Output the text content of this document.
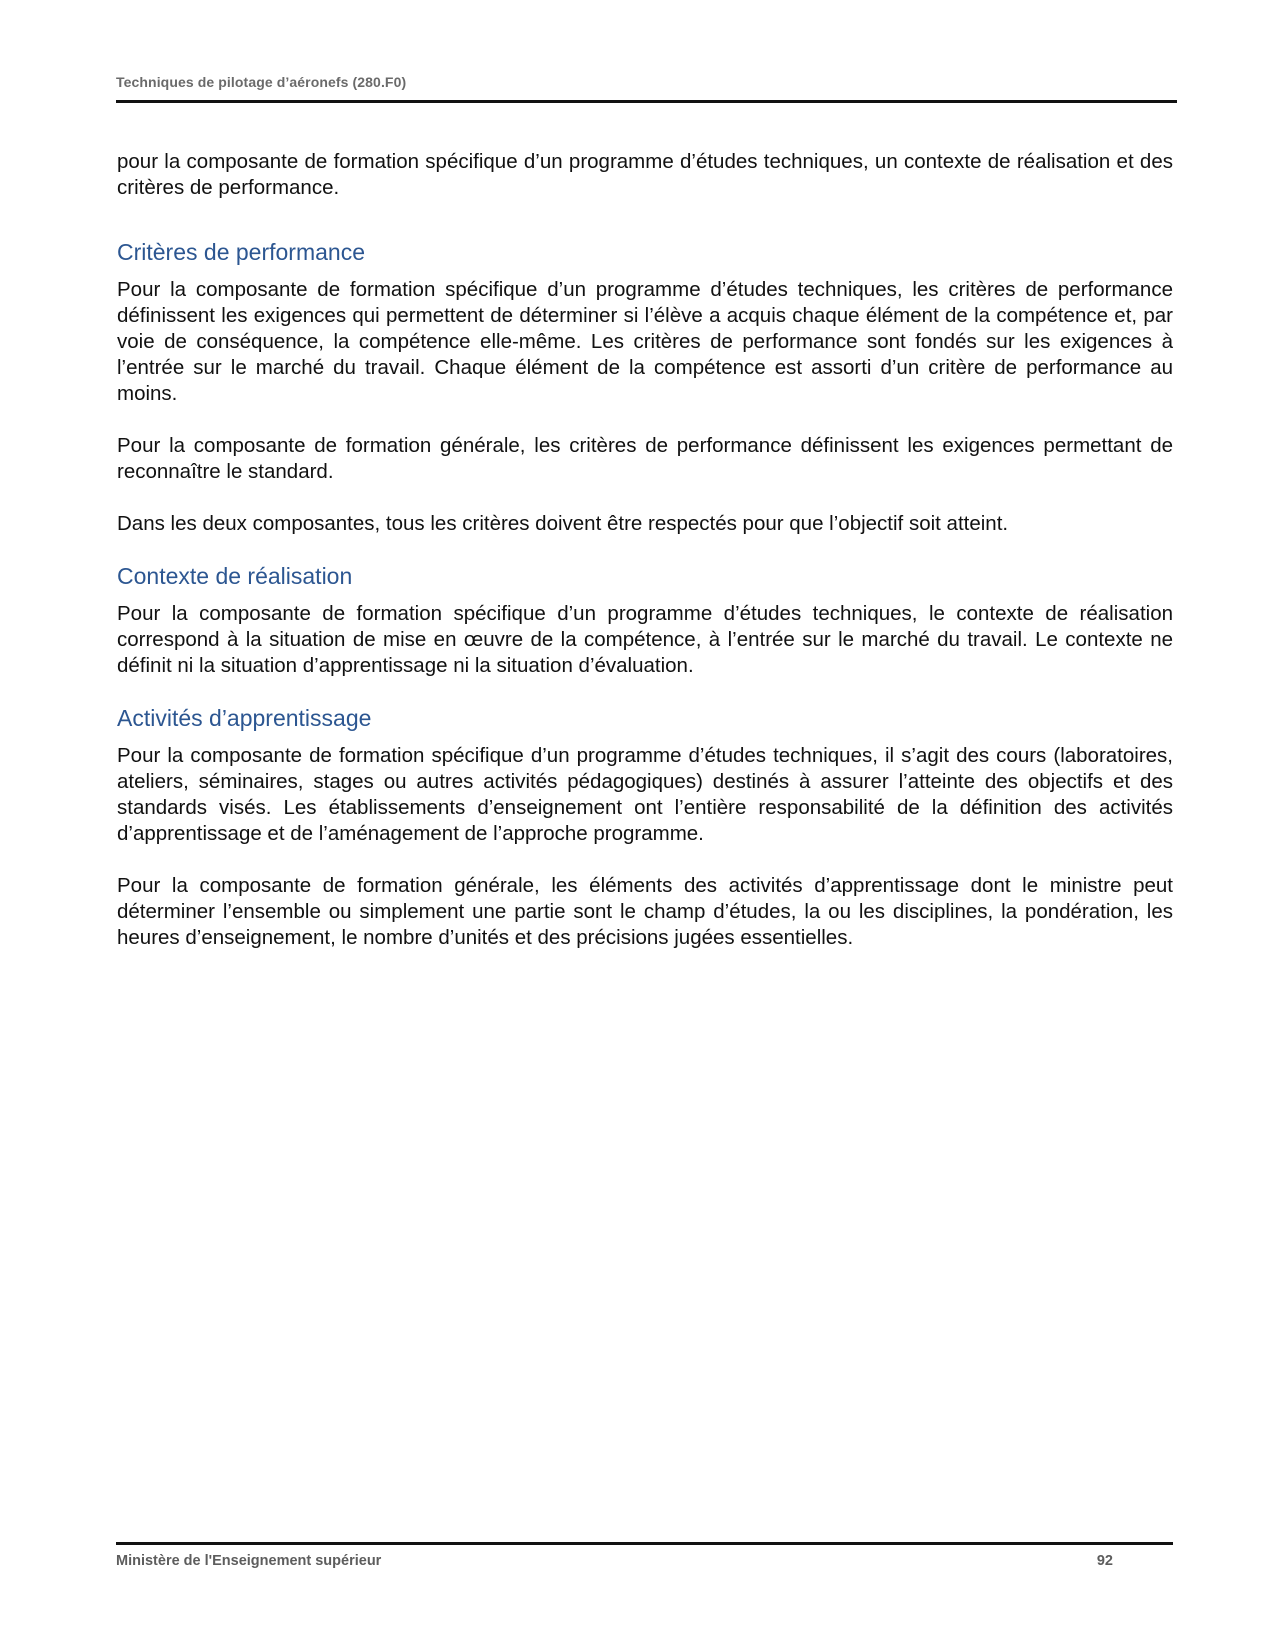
Techniques de pilotage d’aéronefs (280.F0)

pour la composante de formation spécifique d’un programme d’études techniques, un contexte de réalisation et des critères de performance.

Critères de performance

Pour la composante de formation spécifique d’un programme d’études techniques, les critères de performance définissent les exigences qui permettent de déterminer si l’élève a acquis chaque élément de la compétence et, par voie de conséquence, la compétence elle-même. Les critères de performance sont fondés sur les exigences à l’entrée sur le marché du travail. Chaque élément de la compétence est assorti d’un critère de performance au moins.

Pour la composante de formation générale, les critères de performance définissent les exigences permettant de reconnaître le standard.

Dans les deux composantes, tous les critères doivent être respectés pour que l’objectif soit atteint.

Contexte de réalisation

Pour la composante de formation spécifique d’un programme d’études techniques, le contexte de réalisation correspond à la situation de mise en œuvre de la compétence, à l’entrée sur le marché du travail. Le contexte ne définit ni la situation d’apprentissage ni la situation d’évaluation.

Activités d’apprentissage

Pour la composante de formation spécifique d’un programme d’études techniques, il s’agit des cours (laboratoires, ateliers, séminaires, stages ou autres activités pédagogiques) destinés à assurer l’atteinte des objectifs et des standards visés. Les établissements d’enseignement ont l’entière responsabilité de la définition des activités d’apprentissage et de l’aménagement de l’approche programme.

Pour la composante de formation générale, les éléments des activités d’apprentissage dont le ministre peut déterminer l’ensemble ou simplement une partie sont le champ d’études, la ou les disciplines, la pondération, les heures d’enseignement, le nombre d’unités et des précisions jugées essentielles.

Ministère de l'Enseignement supérieur	92
